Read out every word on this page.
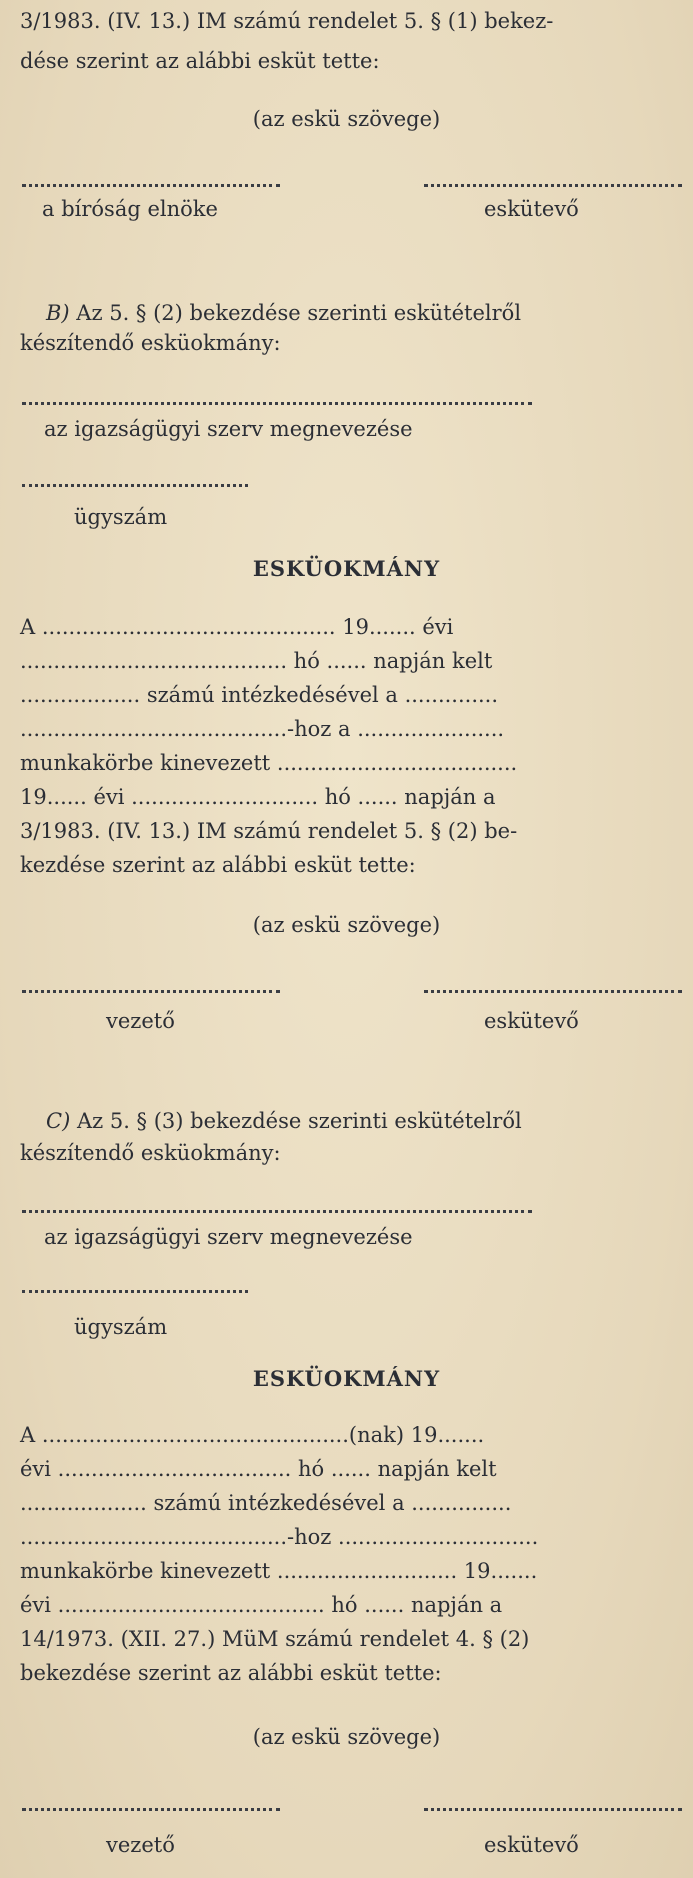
3/1983. (IV. 13.) IM számú rendelet 5. § (1) bekez-
dése szerint az alábbi esküt tette:
(az eskü szövege)
a bíróság elnöke	eskütevő
B) Az 5. § (2) bekezdése szerinti eskütételről
készítendő esküokmány:
az igazságügyi szerv megnevezése
ügyszám
ESKÜOKMÁNY
A ............................................ 19....... évi
........................................ hó ...... napján kelt
.................. számú intézkedésével a ..............
........................................-hoz a ......................
munkakörbe kinevezett ....................................
19...... évi ............................ hó ...... napján a
3/1983. (IV. 13.) IM számú rendelet 5. § (2) be-
kezdése szerint az alábbi esküt tette:
(az eskü szövege)
vezető	eskütevő
C) Az 5. § (3) bekezdése szerinti eskütételről
készítendő esküokmány:
az igazságügyi szerv megnevezése
ügyszám
ESKÜOKMÁNY
A ..............................................(nak) 19.......
évi ................................... hó ...... napján kelt
................... számú intézkedésével a ...............
........................................-hoz ..............................
munkakörbe kinevezett ........................... 19.......
évi ........................................ hó ...... napján a
14/1973. (XII. 27.) MüM számú rendelet 4. § (2)
bekezdése szerint az alábbi esküt tette:
(az eskü szövege)
vezető	eskütevő
